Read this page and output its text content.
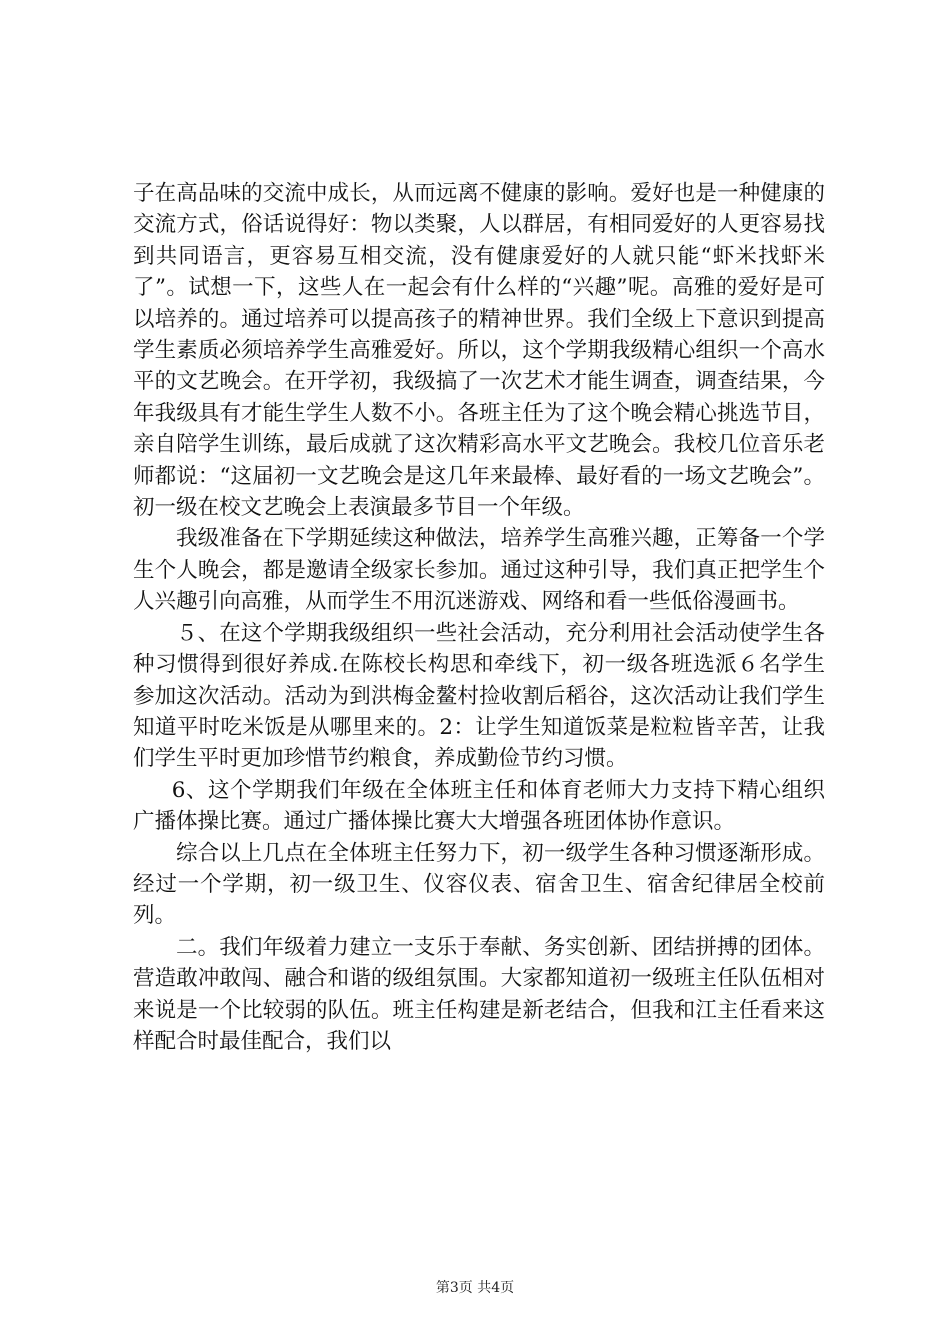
子在高品味的交流中成长，从而远离不健康的影响。爱好也是一种健康的交流方式，俗话说得好：物以类聚，人以群居，有相同爱好的人更容易找到共同语言，更容易互相交流，没有健康爱好的人就只能“虾米找虾米了”。试想一下，这些人在一起会有什么样的“兴趣”呢。高雅的爱好是可以培养的。通过培养可以提高孩子的精神世界。我们全级上下意识到提高学生素质必须培养学生高雅爱好。所以，这个学期我级精心组织一个高水平的文艺晚会。在开学初，我级搞了一次艺术才能生调查，调查结果，今年我级具有才能生学生人数不小。各班主任为了这个晚会精心挑选节目，亲自陪学生训练，最后成就了这次精彩高水平文艺晚会。我校几位音乐老师都说：“这届初一文艺晚会是这几年来最棒、最好看的一场文艺晚会”。初一级在校文艺晚会上表演最多节目一个年级。

我级准备在下学期延续这种做法，培养学生高雅兴趣，正筹备一个学生个人晚会，都是邀请全级家长参加。通过这种引导，我们真正把学生个人兴趣引向高雅，从而学生不用沉迷游戏、网络和看一些低俗漫画书。

５、在这个学期我级组织一些社会活动，充分利用社会活动使学生各种习惯得到很好养成.在陈校长构思和牵线下，初一级各班选派６名学生参加这次活动。活动为到洪梅金鳌村捡收割后稻谷，这次活动让我们学生知道平时吃米饭是从哪里来的。2：让学生知道饭菜是粒粒皆辛苦，让我们学生平时更加珍惜节约粮食，养成勤俭节约习惯。

6、这个学期我们年级在全体班主任和体育老师大力支持下精心组织广播体操比赛。通过广播体操比赛大大增强各班团体协作意识。

综合以上几点在全体班主任努力下，初一级学生各种习惯逐渐形成。经过一个学期，初一级卫生、仪容仪表、宿舍卫生、宿舍纪律居全校前列。

二。我们年级着力建立一支乐于奉献、务实创新、团结拼搏的团体。营造敢冲敢闯、融合和谐的级组氛围。大家都知道初一级班主任队伍相对来说是一个比较弱的队伍。班主任构建是新老结合，但我和江主任看来这样配合时最佳配合，我们以

第3页 共4页
